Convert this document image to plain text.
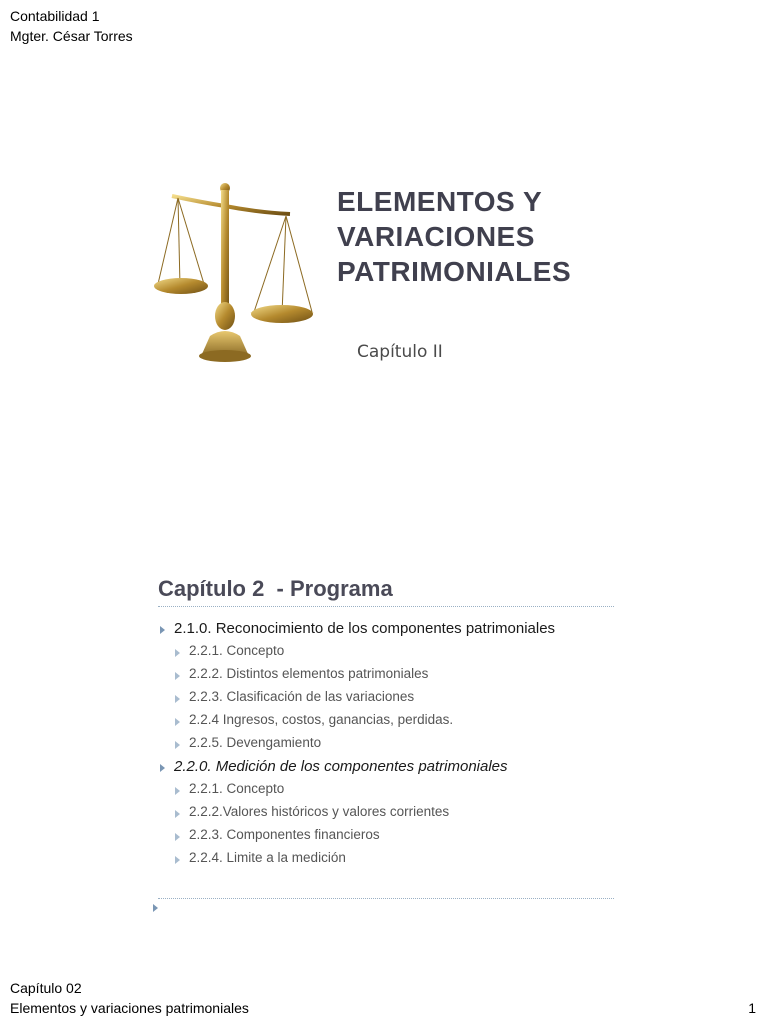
Contabilidad 1
Mgter. César Torres
ELEMENTOS Y
VARIACIONES
PATRIMONIALES
Capítulo II
Capítulo 2  - Programa
2.1.0. Reconocimiento de los componentes patrimoniales
2.2.1. Concepto
2.2.2. Distintos elementos patrimoniales
2.2.3. Clasificación de las variaciones
2.2.4 Ingresos, costos, ganancias, perdidas.
2.2.5. Devengamiento
2.2.0. Medición de los componentes patrimoniales
2.2.1. Concepto
2.2.2.Valores históricos y valores corrientes
2.2.3. Componentes financieros
2.2.4. Limite a la medición
Capítulo 02
Elementos y variaciones patrimoniales	1
